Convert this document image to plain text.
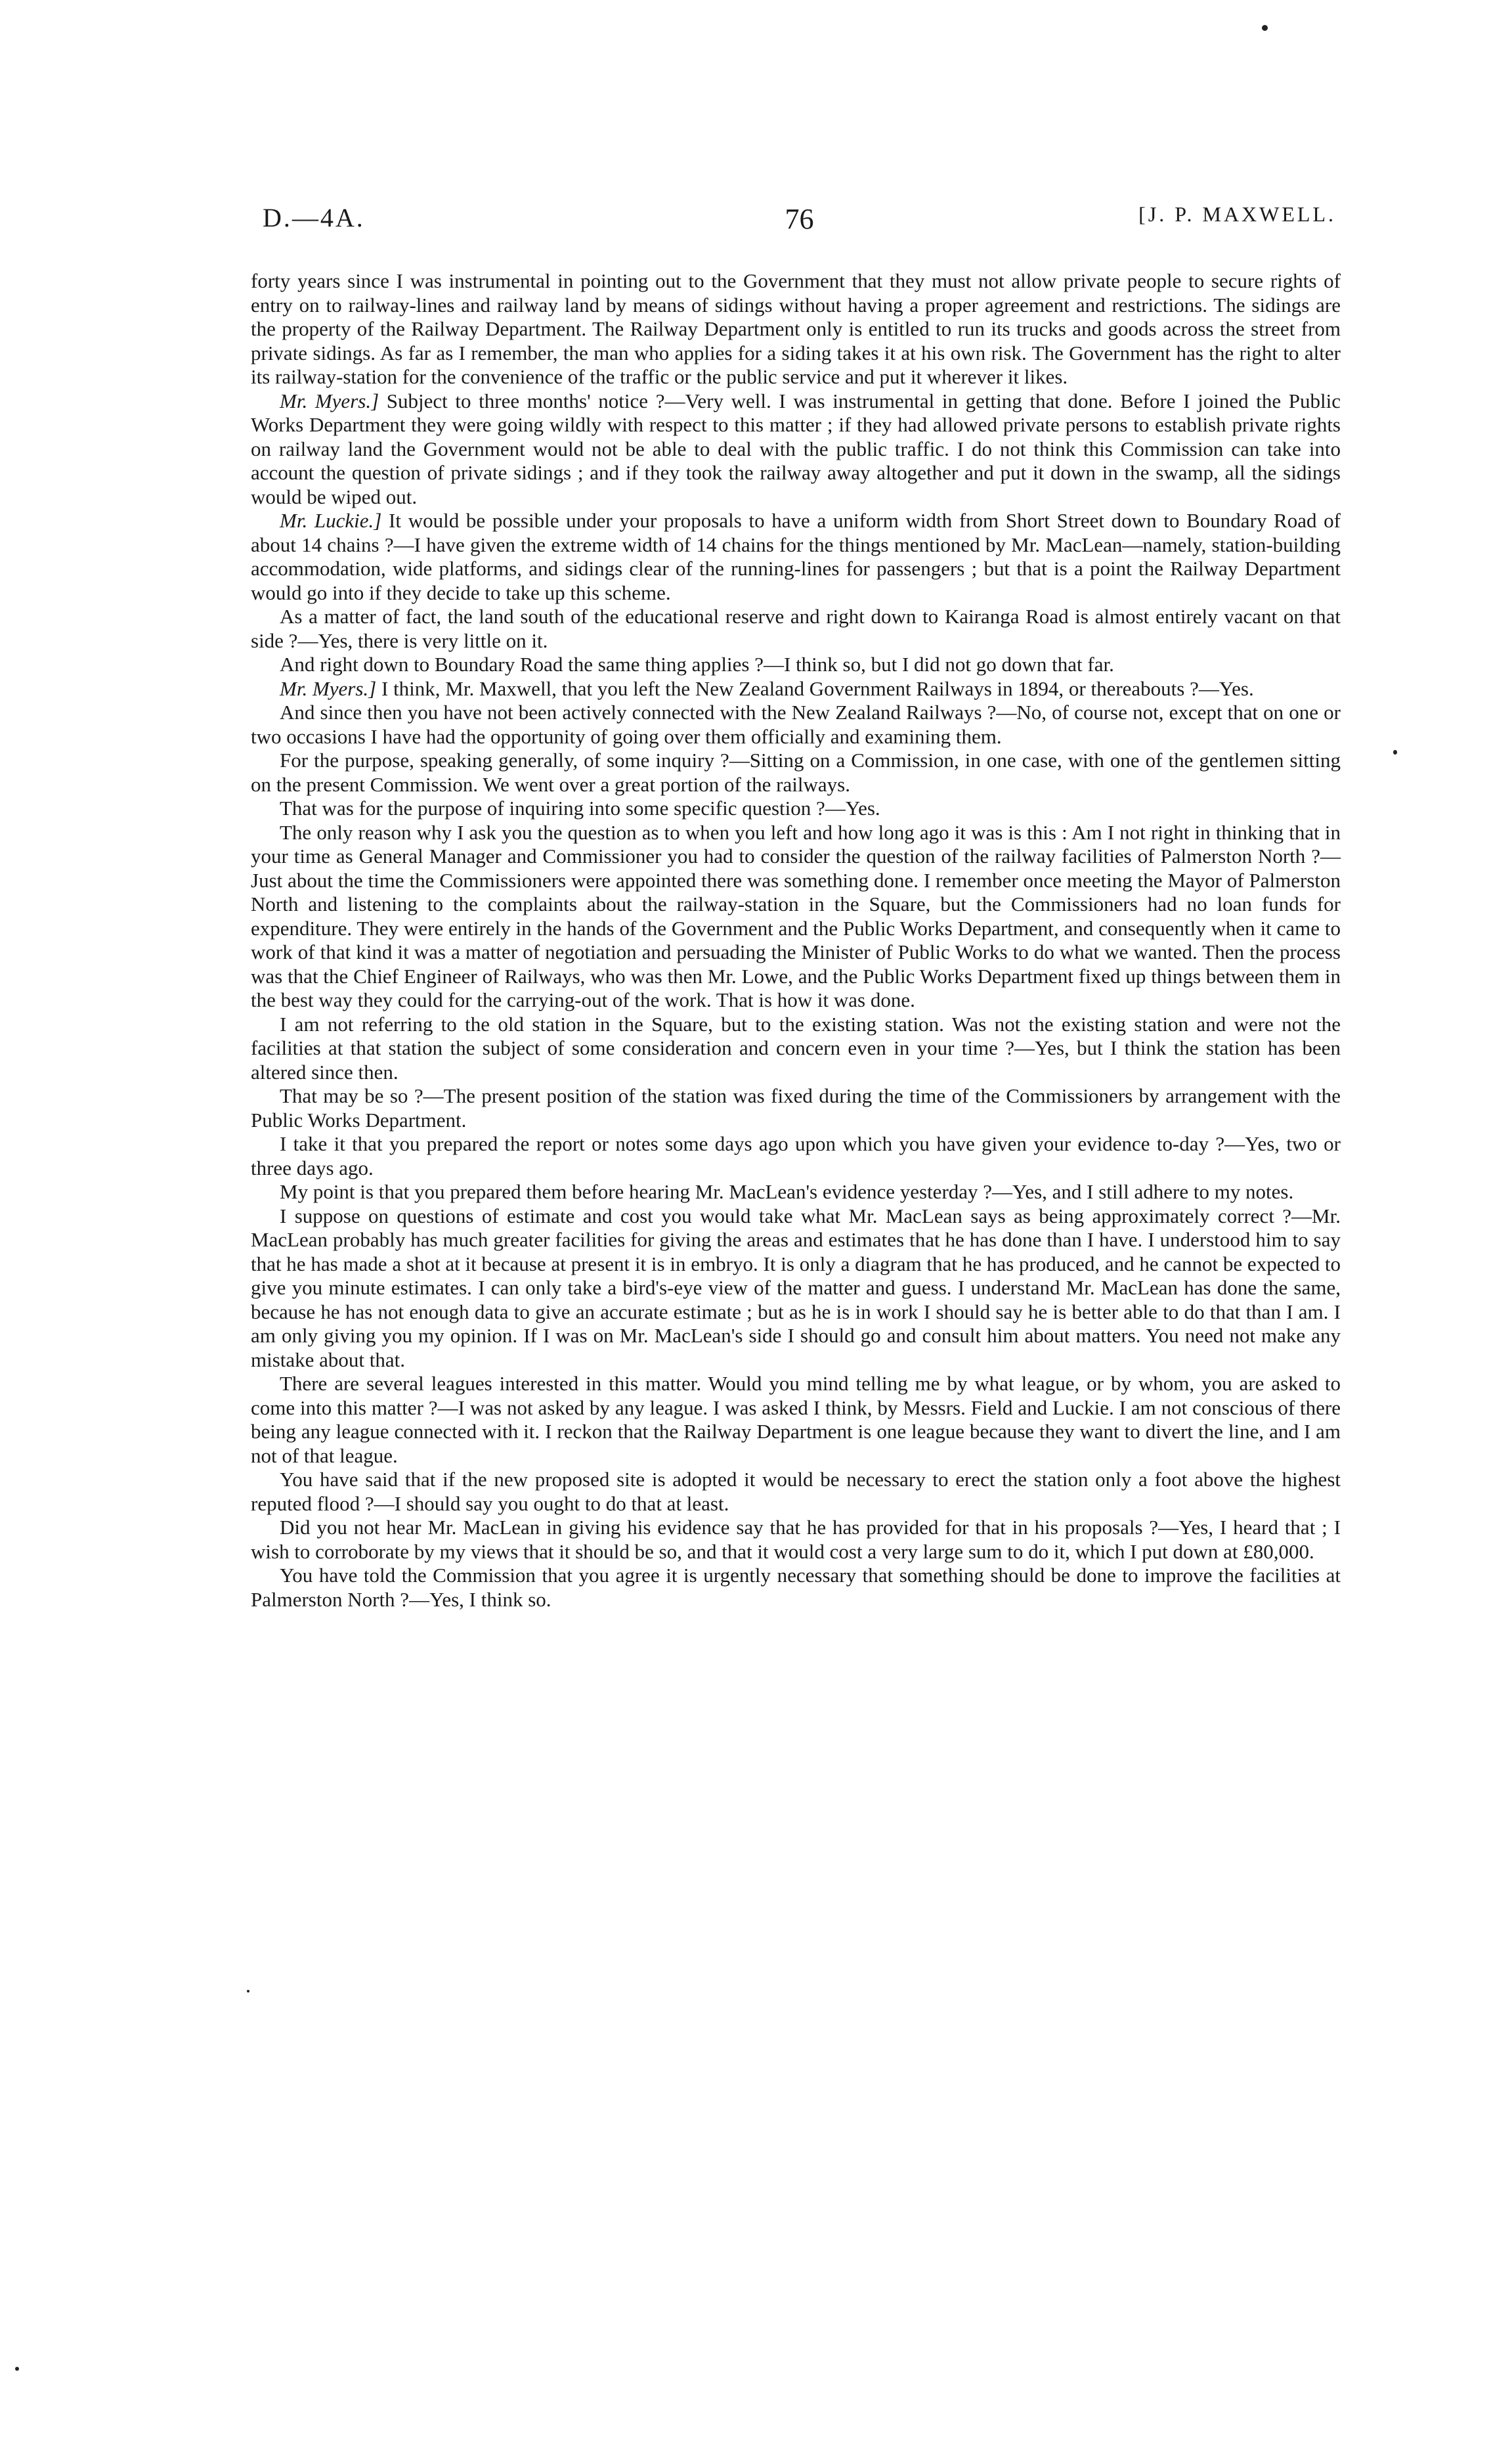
D.—4A.	76	[J. P. MAXWELL.

forty years since I was instrumental in pointing out to the Government that they must not allow private people to secure rights of entry on to railway-lines and railway land by means of sidings without having a proper agreement and restrictions. The sidings are the property of the Railway Department. The Railway Department only is entitled to run its trucks and goods across the street from private sidings. As far as I remember, the man who applies for a siding takes it at his own risk. The Government has the right to alter its railway-station for the convenience of the traffic or the public service and put it wherever it likes.

Mr. Myers.] Subject to three months' notice ?—Very well. I was instrumental in getting that done. Before I joined the Public Works Department they were going wildly with respect to this matter ; if they had allowed private persons to establish private rights on railway land the Government would not be able to deal with the public traffic. I do not think this Commission can take into account the question of private sidings ; and if they took the railway away altogether and put it down in the swamp, all the sidings would be wiped out.

Mr. Luckie.] It would be possible under your proposals to have a uniform width from Short Street down to Boundary Road of about 14 chains ?—I have given the extreme width of 14 chains for the things mentioned by Mr. MacLean—namely, station-building accommodation, wide platforms, and sidings clear of the running-lines for passengers ; but that is a point the Railway Department would go into if they decide to take up this scheme.

As a matter of fact, the land south of the educational reserve and right down to Kairanga Road is almost entirely vacant on that side ?—Yes, there is very little on it.

And right down to Boundary Road the same thing applies ?—I think so, but I did not go down that far.

Mr. Myers.] I think, Mr. Maxwell, that you left the New Zealand Government Railways in 1894, or thereabouts ?—Yes.

And since then you have not been actively connected with the New Zealand Railways ?—No, of course not, except that on one or two occasions I have had the opportunity of going over them officially and examining them.

For the purpose, speaking generally, of some inquiry ?—Sitting on a Commission, in one case, with one of the gentlemen sitting on the present Commission. We went over a great portion of the railways.

That was for the purpose of inquiring into some specific question ?—Yes.

The only reason why I ask you the question as to when you left and how long ago it was is this : Am I not right in thinking that in your time as General Manager and Commissioner you had to consider the question of the railway facilities of Palmerston North ?—Just about the time the Commissioners were appointed there was something done. I remember once meeting the Mayor of Palmerston North and listening to the complaints about the railway-station in the Square, but the Commissioners had no loan funds for expenditure. They were entirely in the hands of the Government and the Public Works Department, and consequently when it came to work of that kind it was a matter of negotiation and persuading the Minister of Public Works to do what we wanted. Then the process was that the Chief Engineer of Railways, who was then Mr. Lowe, and the Public Works Department fixed up things between them in the best way they could for the carrying-out of the work. That is how it was done.

I am not referring to the old station in the Square, but to the existing station. Was not the existing station and were not the facilities at that station the subject of some consideration and concern even in your time ?—Yes, but I think the station has been altered since then.

That may be so ?—The present position of the station was fixed during the time of the Commissioners by arrangement with the Public Works Department.

I take it that you prepared the report or notes some days ago upon which you have given your evidence to-day ?—Yes, two or three days ago.

My point is that you prepared them before hearing Mr. MacLean's evidence yesterday ?—Yes, and I still adhere to my notes.

I suppose on questions of estimate and cost you would take what Mr. MacLean says as being approximately correct ?—Mr. MacLean probably has much greater facilities for giving the areas and estimates that he has done than I have. I understood him to say that he has made a shot at it because at present it is in embryo. It is only a diagram that he has produced, and he cannot be expected to give you minute estimates. I can only take a bird's-eye view of the matter and guess. I understand Mr. MacLean has done the same, because he has not enough data to give an accurate estimate ; but as he is in work I should say he is better able to do that than I am. I am only giving you my opinion. If I was on Mr. MacLean's side I should go and consult him about matters. You need not make any mistake about that.

There are several leagues interested in this matter. Would you mind telling me by what league, or by whom, you are asked to come into this matter ?—I was not asked by any league. I was asked I think, by Messrs. Field and Luckie. I am not conscious of there being any league connected with it. I reckon that the Railway Department is one league because they want to divert the line, and I am not of that league.

You have said that if the new proposed site is adopted it would be necessary to erect the station only a foot above the highest reputed flood ?—I should say you ought to do that at least.

Did you not hear Mr. MacLean in giving his evidence say that he has provided for that in his proposals ?—Yes, I heard that ; I wish to corroborate by my views that it should be so, and that it would cost a very large sum to do it, which I put down at £80,000.

You have told the Commission that you agree it is urgently necessary that something should be done to improve the facilities at Palmerston North ?—Yes, I think so.
